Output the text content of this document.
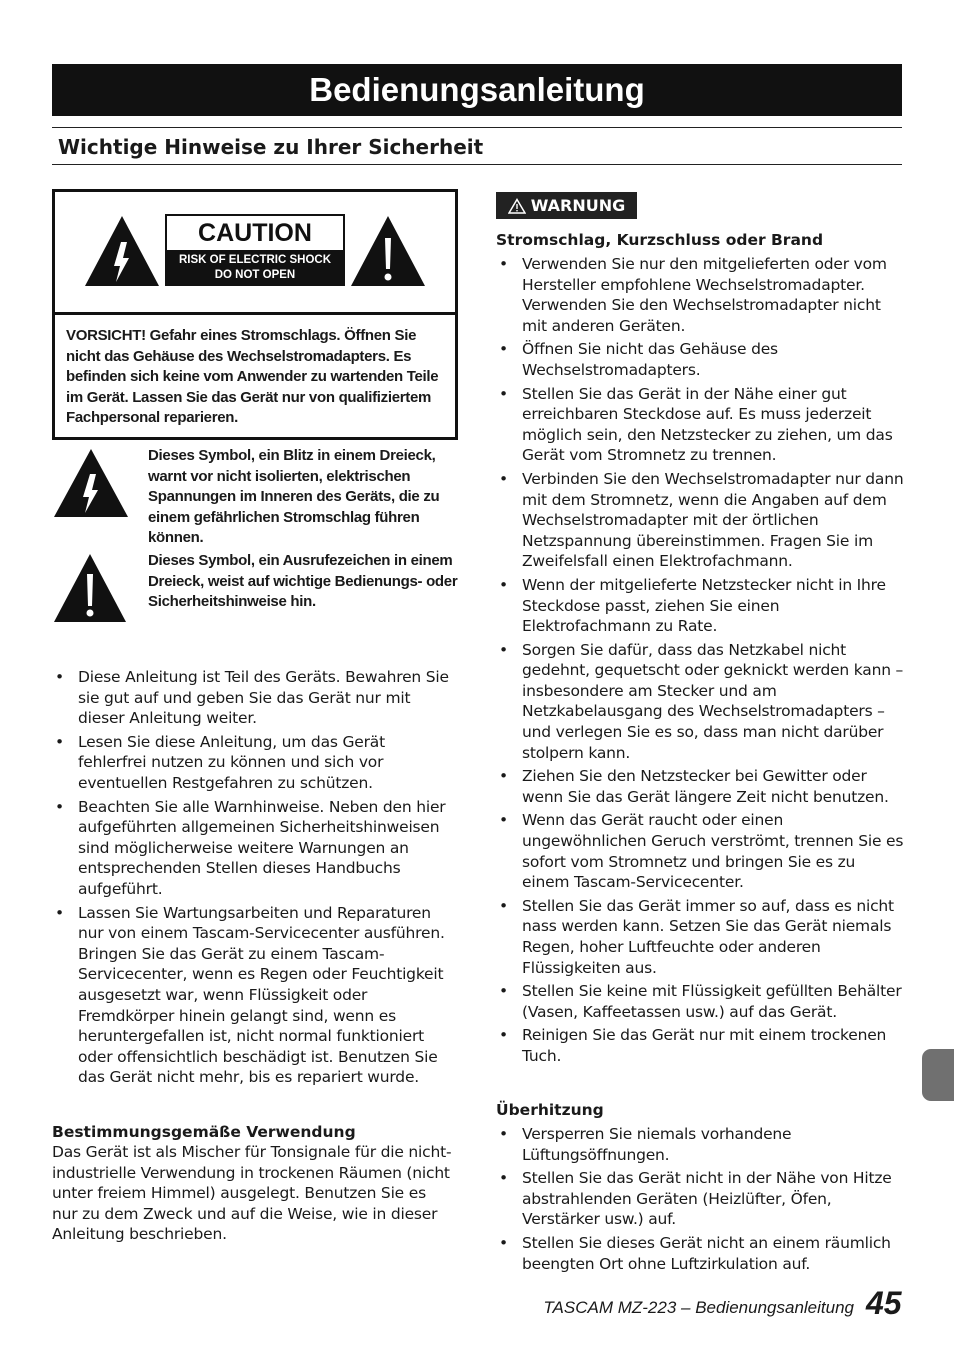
Bedienungsanleitung
Wichtige Hinweise zu Ihrer Sicherheit
CAUTION
RISK OF ELECTRIC SHOCK
DO NOT OPEN
VORSICHT! Gefahr eines Stromschlags. Öffnen Sie nicht das Gehäuse des Wechselstromadapters. Es befinden sich keine vom Anwender zu wartenden Teile im Gerät. Lassen Sie das Gerät nur von qualifiziertem Fachpersonal reparieren.
Dieses Symbol, ein Blitz in einem Dreieck, warnt vor nicht isolierten, elektrischen Spannungen im Inneren des Geräts, die zu einem gefährlichen Stromschlag führen können.
Dieses Symbol, ein Ausrufezeichen in einem Dreieck, weist auf wichtige Bedienungs- oder Sicherheitshinweise hin.
• Diese Anleitung ist Teil des Geräts. Bewahren Sie sie gut auf und geben Sie das Gerät nur mit dieser Anleitung weiter.
• Lesen Sie diese Anleitung, um das Gerät fehlerfrei nutzen zu können und sich vor eventuellen Restgefahren zu schützen.
• Beachten Sie alle Warnhinweise. Neben den hier aufgeführten allgemeinen Sicherheitshinweisen sind möglicherweise weitere Warnungen an entsprechenden Stellen dieses Handbuchs aufgeführt.
• Lassen Sie Wartungsarbeiten und Reparaturen nur von einem Tascam-Servicecenter ausführen. Bringen Sie das Gerät zu einem Tascam-Servicecenter, wenn es Regen oder Feuchtigkeit ausgesetzt war, wenn Flüssigkeit oder Fremdkörper hinein gelangt sind, wenn es heruntergefallen ist, nicht normal funktioniert oder offensichtlich beschädigt ist. Benutzen Sie das Gerät nicht mehr, bis es repariert wurde.
Bestimmungsgemäße Verwendung
Das Gerät ist als Mischer für Tonsignale für die nicht-industrielle Verwendung in trockenen Räumen (nicht unter freiem Himmel) ausgelegt. Benutzen Sie es nur zu dem Zweck und auf die Weise, wie in dieser Anleitung beschrieben.
WARNUNG
Stromschlag, Kurzschluss oder Brand
• Verwenden Sie nur den mitgelieferten oder vom Hersteller empfohlene Wechselstromadapter. Verwenden Sie den Wechselstromadapter nicht mit anderen Geräten.
• Öffnen Sie nicht das Gehäuse des Wechselstromadapters.
• Stellen Sie das Gerät in der Nähe einer gut erreichbaren Steckdose auf. Es muss jederzeit möglich sein, den Netzstecker zu ziehen, um das Gerät vom Stromnetz zu trennen.
• Verbinden Sie den Wechselstromadapter nur dann mit dem Stromnetz, wenn die Angaben auf dem Wechselstromadapter mit der örtlichen Netzspannung übereinstimmen. Fragen Sie im Zweifelsfall einen Elektrofachmann.
• Wenn der mitgelieferte Netzstecker nicht in Ihre Steckdose passt, ziehen Sie einen Elektrofachmann zu Rate.
• Sorgen Sie dafür, dass das Netzkabel nicht gedehnt, gequetscht oder geknickt werden kann – insbesondere am Stecker und am Netzkabelausgang des Wechselstromadapters – und verlegen Sie es so, dass man nicht darüber stolpern kann.
• Ziehen Sie den Netzstecker bei Gewitter oder wenn Sie das Gerät längere Zeit nicht benutzen.
• Wenn das Gerät raucht oder einen ungewöhnlichen Geruch verströmt, trennen Sie es sofort vom Stromnetz und bringen Sie es zu einem Tascam-Servicecenter.
• Stellen Sie das Gerät immer so auf, dass es nicht nass werden kann. Setzen Sie das Gerät niemals Regen, hoher Luftfeuchte oder anderen Flüssigkeiten aus.
• Stellen Sie keine mit Flüssigkeit gefüllten Behälter (Vasen, Kaffeetassen usw.) auf das Gerät.
• Reinigen Sie das Gerät nur mit einem trockenen Tuch.
Überhitzung
• Versperren Sie niemals vorhandene Lüftungsöffnungen.
• Stellen Sie das Gerät nicht in der Nähe von Hitze abstrahlenden Geräten (Heizlüfter, Öfen, Verstärker usw.) auf.
• Stellen Sie dieses Gerät nicht an einem räumlich beengten Ort ohne Luftzirkulation auf.
TASCAM MZ-223 – Bedienungsanleitung 45
